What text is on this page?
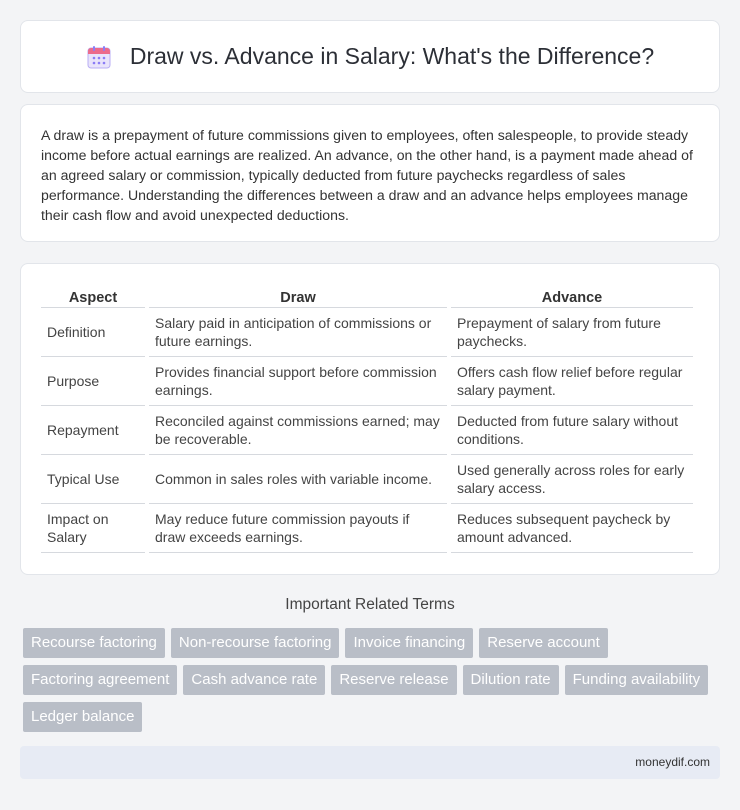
Draw vs. Advance in Salary: What's the Difference?

A draw is a prepayment of future commissions given to employees, often salespeople, to provide steady income before actual earnings are realized. An advance, on the other hand, is a payment made ahead of an agreed salary or commission, typically deducted from future paychecks regardless of sales performance. Understanding the differences between a draw and an advance helps employees manage their cash flow and avoid unexpected deductions.

Aspect	Draw	Advance
Definition	Salary paid in anticipation of commissions or future earnings.	Prepayment of salary from future paychecks.
Purpose	Provides financial support before commission earnings.	Offers cash flow relief before regular salary payment.
Repayment	Reconciled against commissions earned; may be recoverable.	Deducted from future salary without conditions.
Typical Use	Common in sales roles with variable income.	Used generally across roles for early salary access.
Impact on Salary	May reduce future commission payouts if draw exceeds earnings.	Reduces subsequent paycheck by amount advanced.
Important Related Terms
Recourse factoring	Non-recourse factoring	Invoice financing	Reserve account
Factoring agreement	Cash advance rate	Reserve release	Dilution rate	Funding availability
Ledger balance
moneydif.com
